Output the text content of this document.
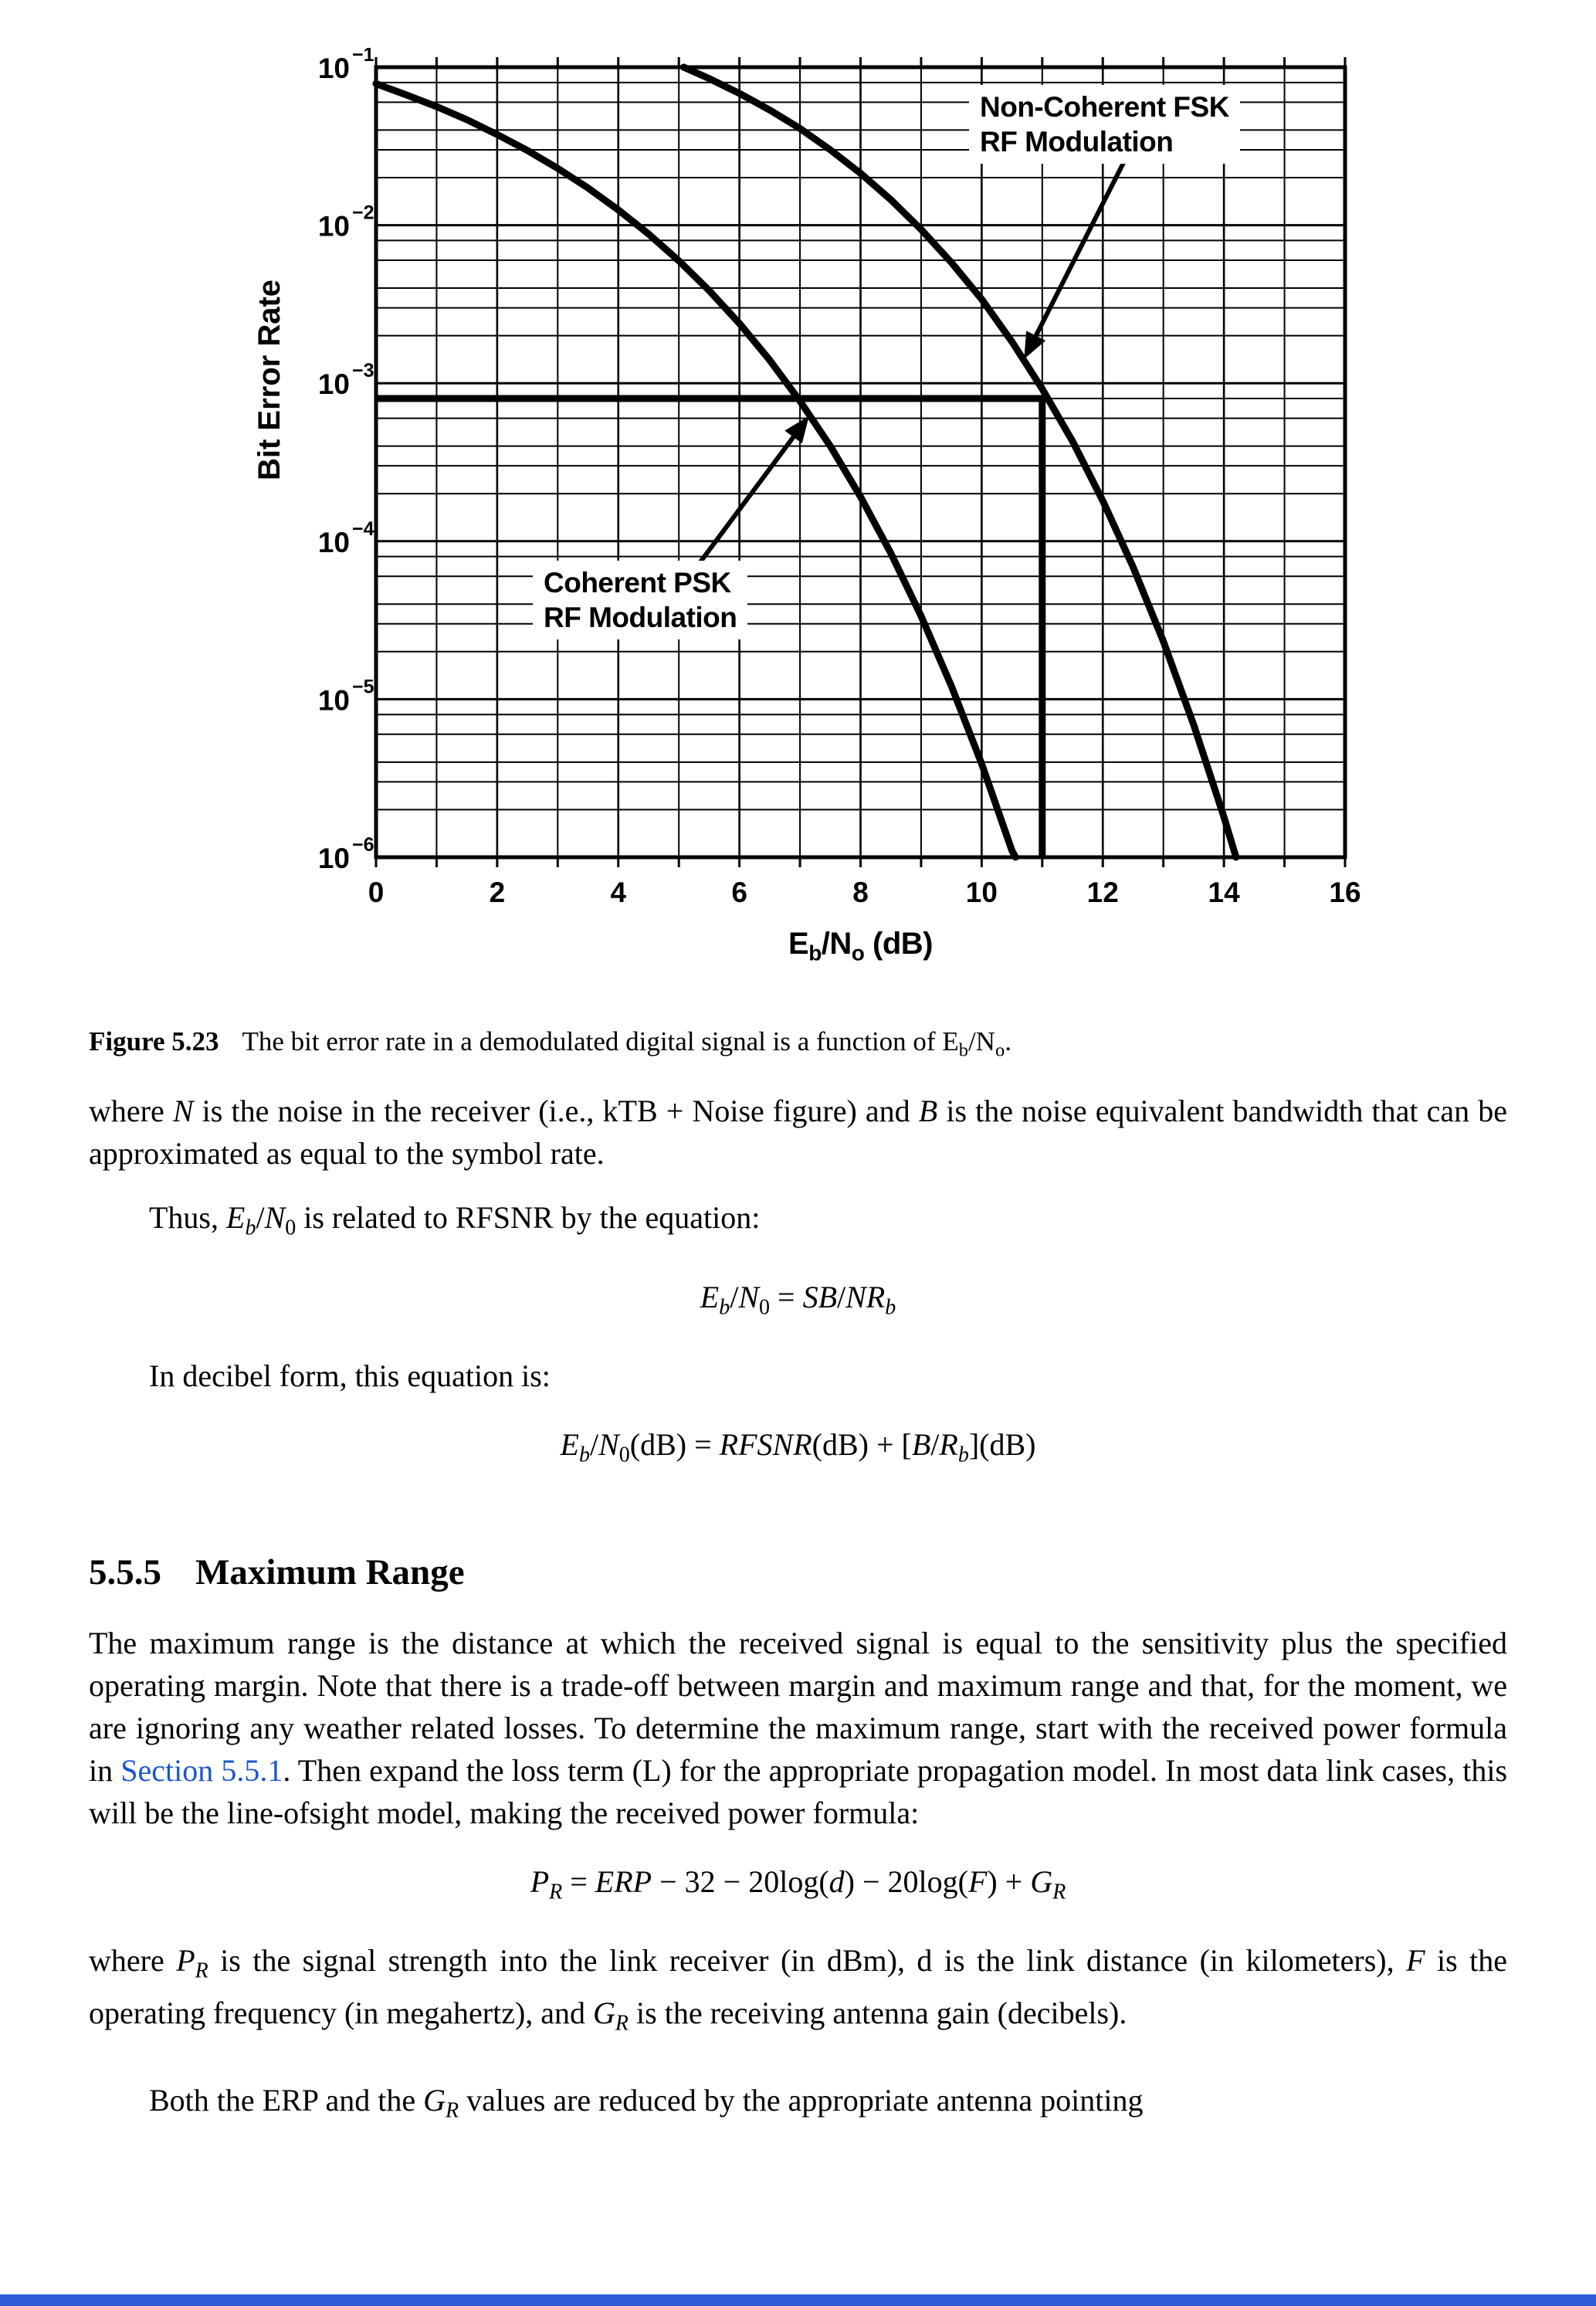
10 −1
10 −2
10 −3
10 −4
10 −5
10 −6
0	2	4	6	8	10	12	14	16
Bit Error Rate
Coherent PSK
RF Modulation
Non-Coherent FSK
RF Modulation
$E_b/N_o$ (dB)

Figure 5.23 The bit error rate in a demodulated digital signal is a function of $E_b/N_o$.

where N is the noise in the receiver (i.e., kTB + Noise figure) and B is the noise equivalent bandwidth that can be approximated as equal to the symbol rate.

Thus, $E_b/N_0$ is related to RFSNR by the equation:

$E_b/N_0 = SB/NR_b$

In decibel form, this equation is:

$E_b/N_0(dB)$ = RFSNR(dB) + $[B/R_b](dB)$

5.5.5 Maximum Range

The maximum range is the distance at which the received signal is equal to the sensitivity plus the specified operating margin. Note that there is a trade-off between margin and maximum range and that, for the moment, we are ignoring any weather related losses. To determine the maximum range, start with the received power formula in Section 5.5.1. Then expand the loss term (L) for the appropriate propagation model. In most data link cases, this will be the line-ofsight model, making the received power formula:

$P_R$ = ERP − $32 - 20\log(d) - 20\log(F) + G_R$

where $P_R$ is the signal strength into the link receiver (in dBm), d is the link distance (in kilometers), F is the operating frequency (in megahertz), and $G_R$ is the receiving antenna gain (decibels).

Both the ERP and the $G_R$ values are reduced by the appropriate antenna pointing
